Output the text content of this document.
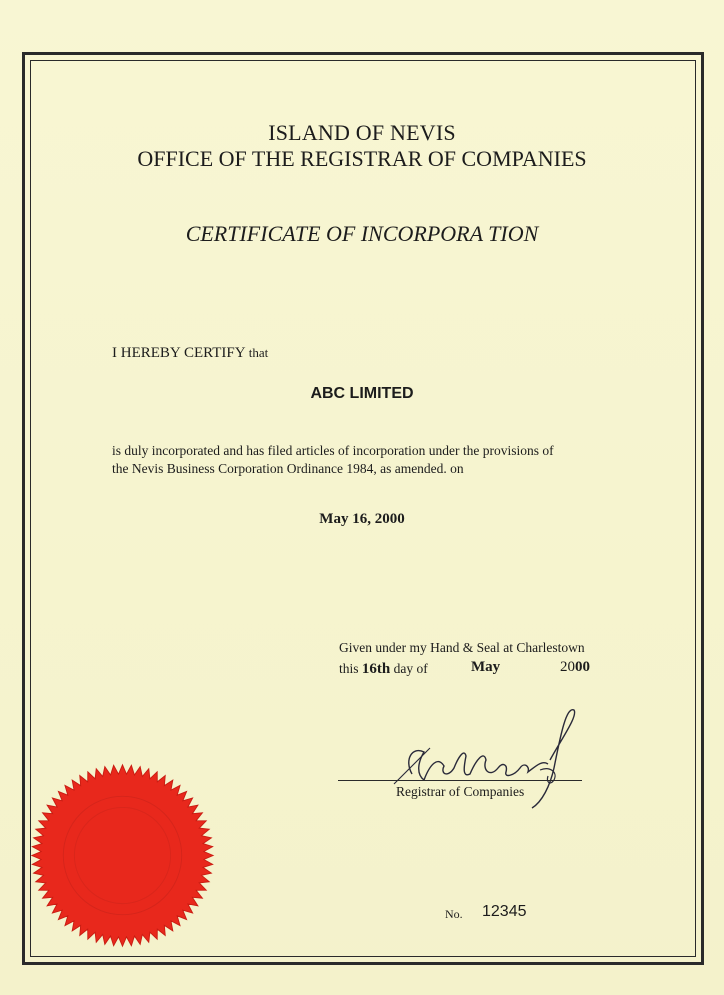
ISLAND OF NEVIS
OFFICE OF THE REGISTRAR OF COMPANIES
CERTIFICATE OF INCORPORA TION
I HEREBY CERTIFY that
ABC LIMITED
is duly incorporated and has filed articles of incorporation under the provisions of
the Nevis Business Corporation Ordinance 1984, as amended. on
May 16, 2000
Given under my Hand & Seal at Charlestown
this 16th day of	May	2000
Registrar of Companies
No. 12345
